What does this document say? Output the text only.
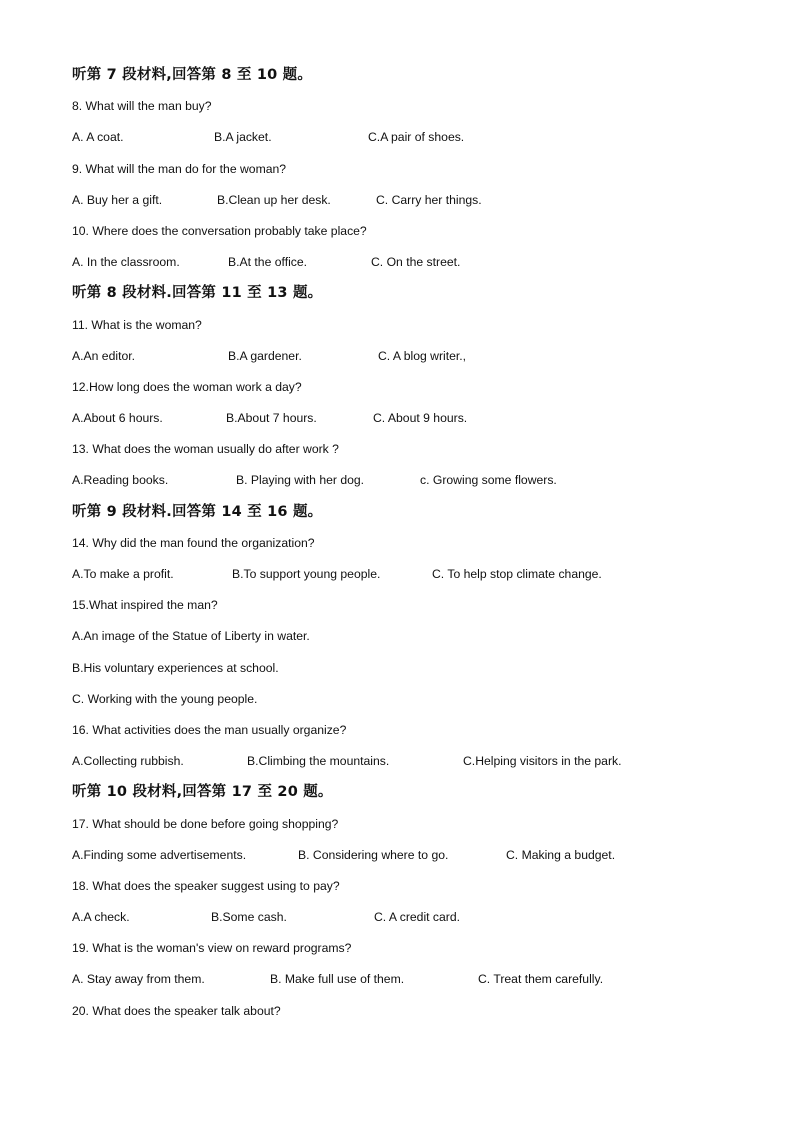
听第 7 段材料,回答第 8 至 10 题。
8. What will the man buy?
A. A coat.	B.A jacket.	C.A pair of shoes.
9. What will the man do for the woman?
A. Buy her a gift.	B.Clean up her desk.	C. Carry her things.
10. Where does the conversation probably take place?
A. In the classroom.	B.At the office.	C. On the street.
听第 8 段材料.回答第 11 至 13 题。
11. What is the woman?
A.An editor.	B.A gardener.	C. A blog writer.,
12.How long does the woman work a day?
A.About 6 hours.	B.About 7 hours.	C. About 9 hours.
13. What does the woman usually do after work ?
A.Reading books.	B. Playing with her dog.	c. Growing some flowers.
听第 9 段材料.回答第 14 至 16 题。
14. Why did the man found the organization?
A.To make a profit.	B.To support young people.	C. To help stop climate change.
15.What inspired the man?
A.An image of the Statue of Liberty in water.
B.His voluntary experiences at school.
C. Working with the young people.
16. What activities does the man usually organize?
A.Collecting rubbish.	B.Climbing the mountains.	C.Helping visitors in the park.
听第 10 段材料,回答第 17 至 20 题。
17. What should be done before going shopping?
A.Finding some advertisements.	B. Considering where to go.	C. Making a budget.
18. What does the speaker suggest using to pay?
A.A check.	B.Some cash.	C. A credit card.
19. What is the woman's view on reward programs?
A. Stay away from them.	B. Make full use of them.	C. Treat them carefully.
20. What does the speaker talk about?
